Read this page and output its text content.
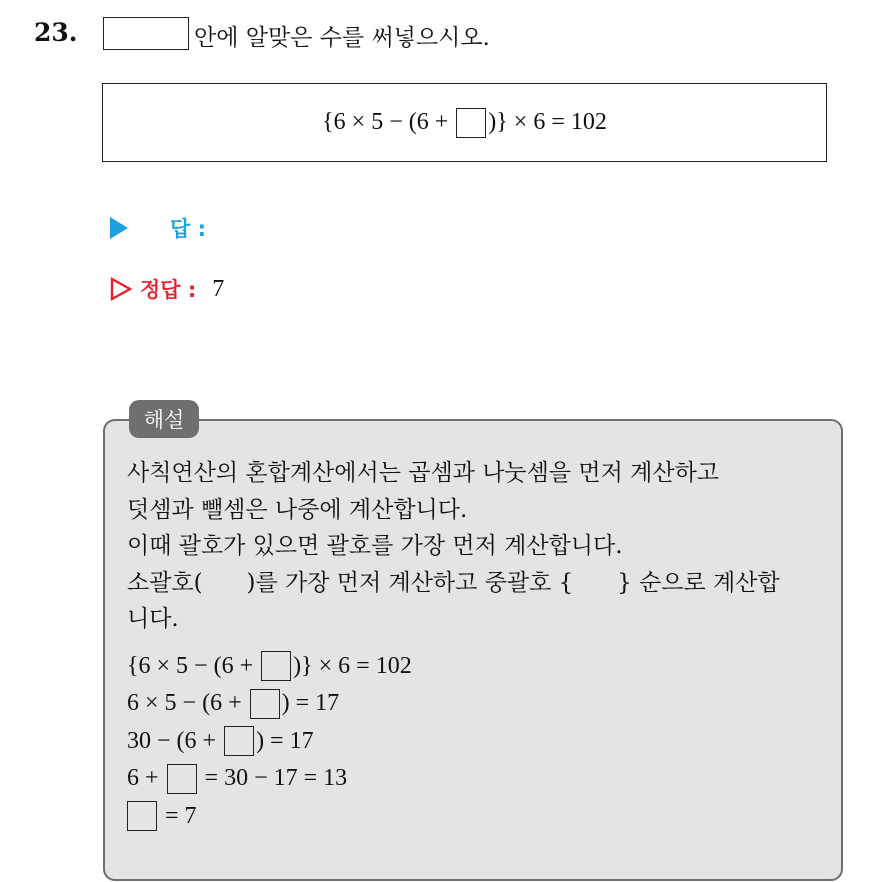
23.	안에 알맞은 수를 써넣으시오.
{6 × 5 − (6 + )} × 6 = 102
답 :
정답 : 7
해설
사칙연산의 혼합계산에서는 곱셈과 나눗셈을 먼저 계산하고
덧셈과 뺄셈은 나중에 계산합니다.
이때 괄호가 있으면 괄호를 가장 먼저 계산합니다.
소괄호(      )를 가장 먼저 계산하고 중괄호 {      } 순으로 계산합
니다.
{6 × 5 − (6 + )} × 6 = 102
6 × 5 − (6 + ) = 17
30 − (6 + ) = 17
6 + = 30 − 17 = 13
= 7
